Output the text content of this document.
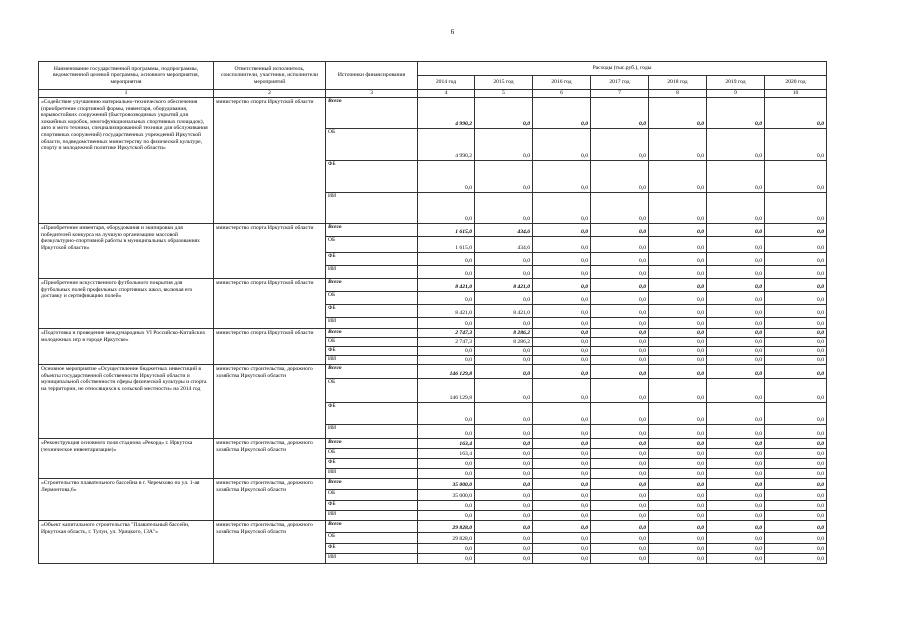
6
Наименование государственной программы, подпрограммы, ведомственной целевой программы, основного мероприятия, мероприятия	Ответственный исполнитель, соисполнители, участники, исполнители мероприятий	Источники финансирования	Расходы (тыс.руб.), годы						
			2014 год	2015 год	2016 год	2017 год	2018 год	2019 год	2020 год
1	2	3	4	5	6	7	8	9	10
«Содействие улучшению материально-технического обеспечения (приобретение спортивной формы, инвентаря, оборудования, взрывостойких сооружений (быстровозводимых укрытий для хоккейных коробок, многофункциональных спортивных площадок), авто и мото техники, специализированной техники для обслуживания спортивных сооружений) государственных учреждений Иркутской области, подведомственных министерству по физической культуре, спорту и молодежной политике Иркутской области»	министерство спорта Иркутской области	Всего	4 990,2	0,0	0,0	0,0	0,0	0,0	0,0
		ОБ	4 990,2	0,0	0,0	0,0	0,0	0,0	0,0
		ФБ	0,0	0,0	0,0	0,0	0,0	0,0	0,0
		ИИ	0,0	0,0	0,0	0,0	0,0	0,0	0,0
«Приобретение инвентаря, оборудования и экипировки для победителей конкурса на лучшую организацию массовой физкультурно-спортивной работы в муниципальных образованиях Иркутской области»	министерство спорта Иркутской области	Всего	1 615,0	434,6	0,0	0,0	0,0	0,0	0,0
		ОБ	1 615,0	434,6	0,0	0,0	0,0	0,0	0,0
		ФБ	0,0	0,0	0,0	0,0	0,0	0,0	0,0
		ИИ	0,0	0,0	0,0	0,0	0,0	0,0	0,0
«Приобретение искусственного футбольного покрытия для футбольных полей профильных спортивных школ, включая его доставку и сертификацию полей»	министерство спорта Иркутской области	Всего	8 421,0	8 421,0	0,0	0,0	0,0	0,0	0,0
		ОБ	0,0	0,0	0,0	0,0	0,0	0,0	0,0
		ФБ	8 421,0	8 421,0	0,0	0,0	0,0	0,0	0,0
		ИИ	0,0	0,0	0,0	0,0	0,0	0,0	0,0
«Подготовка и проведение международных VI Российско-Китайских молодежных игр в городе Иркутске»	министерство спорта Иркутской области	Всего	2 747,3	8 286,2	0,0	0,0	0,0	0,0	0,0
		ОБ	2 747,3	8 286,2	0,0	0,0	0,0	0,0	0,0
		ФБ	0,0	0,0	0,0	0,0	0,0	0,0	0,0
		ИИ	0,0	0,0	0,0	0,0	0,0	0,0	0,0
Основное мероприятие «Осуществление бюджетных инвестиций в объекты государственной собственности Иркутской области и муниципальной собственности сферы физической культуры и спорта на территории, не относящихся к сельской местности» на 2014 год	министерство строительства, дорожного хозяйства Иркутской области	Всего	146 129,8	0,0	0,0	0,0	0,0	0,0	0,0
		ОБ	146 129,8	0,0	0,0	0,0	0,0	0,0	0,0
		ФБ	0,0	0,0	0,0	0,0	0,0	0,0	0,0
		ИИ	0,0	0,0	0,0	0,0	0,0	0,0	0,0
«Реконструкция основного поля стадиона «Рекорд» г. Иркутска (техническое инвентаризацие)»	министерство строительства, дорожного хозяйства Иркутской области	Всего	163,4	0,0	0,0	0,0	0,0	0,0	0,0
		ОБ	163,4	0,0	0,0	0,0	0,0	0,0	0,0
		ФБ	0,0	0,0	0,0	0,0	0,0	0,0	0,0
		ИИ	0,0	0,0	0,0	0,0	0,0	0,0	0,0
«Строительство плавательного бассейна в г. Черемхово по ул. 1-ая Лермонтова,6»	министерство строительства, дорожного хозяйства Иркутской области	Всего	35 000,0	0,0	0,0	0,0	0,0	0,0	0,0
		ОБ	35 000,0	0,0	0,0	0,0	0,0	0,0	0,0
		ФБ	0,0	0,0	0,0	0,0	0,0	0,0	0,0
		ИИ	0,0	0,0	0,0	0,0	0,0	0,0	0,0
«Объект капитального строительства "Плавательный бассейн, Иркутская область, г. Тулун, ул. Урицкого, 13А"»	министерство строительства, дорожного хозяйства Иркутской области	Всего	29 828,0	0,0	0,0	0,0	0,0	0,0	0,0
		ОБ	29 828,0	0,0	0,0	0,0	0,0	0,0	0,0
		ФБ	0,0	0,0	0,0	0,0	0,0	0,0	0,0
		ИИ	0,0	0,0	0,0	0,0	0,0	0,0	0,0
